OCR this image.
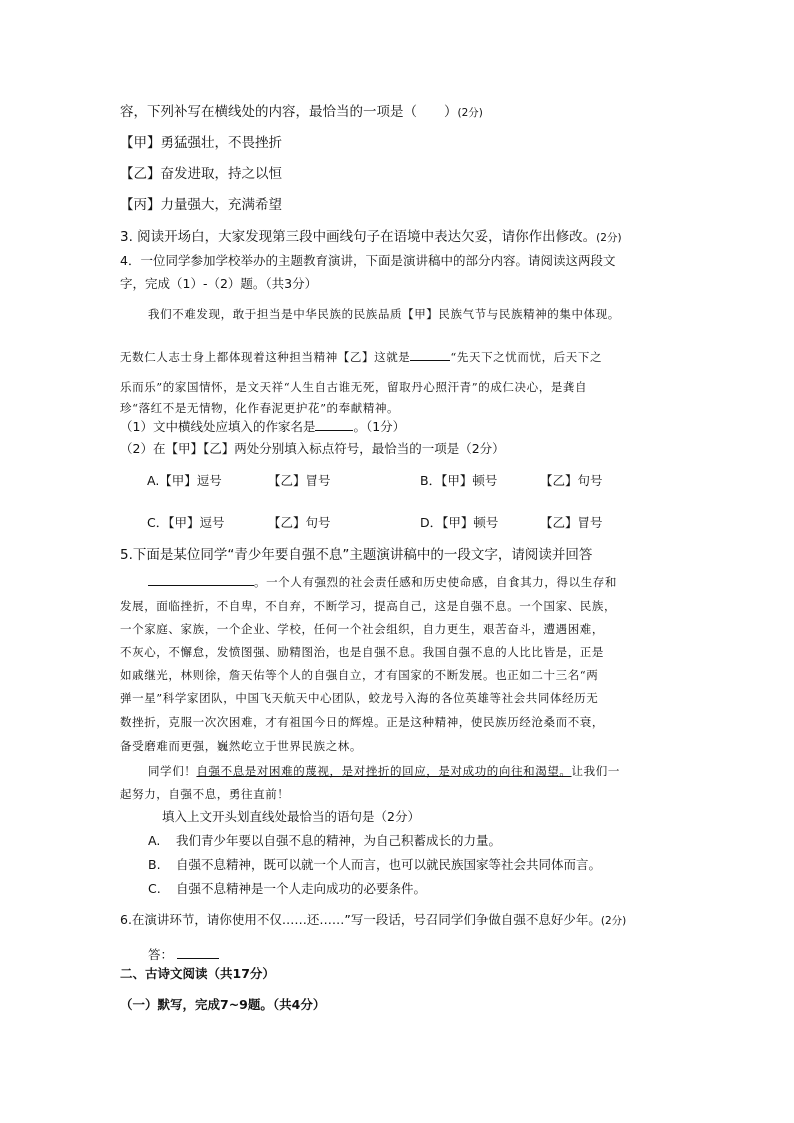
容，下列补写在横线处的内容，最恰当的一项是（　　）(2分)
【甲】勇猛强壮，不畏挫折
【乙】奋发进取，持之以恒
【丙】力量强大，充满希望
3. 阅读开场白，大家发现第三段中画线句子在语境中表达欠妥，请你作出修改。(2分)
4．一位同学参加学校举办的主题教育演讲，下面是演讲稿中的部分内容。请阅读这两段文
字，完成（1）-（2）题。（共3分）
我们不难发现，敢于担当是中华民族的民族品质【甲】民族气节与民族精神的集中体现。
无数仁人志士身上都体现着这种担当精神【乙】这就是	“先天下之忧而忧，后天下之
乐而乐”的家国情怀，是文天祥“人生自古谁无死，留取丹心照汗青”的成仁决心，是龚自
珍“落红不是无情物，化作春泥更护花”的奉献精神。
（1）文中横线处应填入的作家名是	。（1分）
（2）在【甲】【乙】两处分别填入标点符号，最恰当的一项是（2分）
A.【甲】逗号	【乙】冒号	B．【甲】顿号	【乙】句号
C．【甲】逗号	【乙】句号	D．【甲】顿号	【乙】冒号
5.下面是某位同学“青少年要自强不息”主题演讲稿中的一段文字，请阅读并回答
。一个人有强烈的社会责任感和历史使命感，自食其力，得以生存和
发展，面临挫折，不自卑，不自弃，不断学习，提高自己，这是自强不息。一个国家、民族，
一个家庭、家族，一个企业、学校，任何一个社会组织，自力更生，艰苦奋斗，遭遇困难，
不灰心，不懈怠，发愤图强、励精图治，也是自强不息。我国自强不息的人比比皆是，正是
如戚继光，林则徐，詹天佑等个人的自强自立，才有国家的不断发展。也正如二十三名“两
弹一星”科学家团队，中国飞天航天中心团队，蛟龙号入海的各位英雄等社会共同体经历无
数挫折，克服一次次困难，才有祖国今日的辉煌。正是这种精神，使民族历经沧桑而不衰，
备受磨难而更强，巍然屹立于世界民族之林。
同学们！自强不息是对困难的蔑视，是对挫折的回应，是对成功的向往和渴望。让我们一
起努力，自强不息，勇往直前！
填入上文开头划直线处最恰当的语句是（2分）
A. 我们青少年要以自强不息的精神，为自己积蓄成长的力量。
B. 自强不息精神，既可以就一个人而言，也可以就民族国家等社会共同体而言。
C. 自强不息精神是一个人走向成功的必要条件。
6.在演讲环节，请你使用不仅……还……”写一段话，号召同学们争做自强不息好少年。(2分)
答：
二、古诗文阅读（共17分）
（一）默写，完成7~9题。（共4分）
